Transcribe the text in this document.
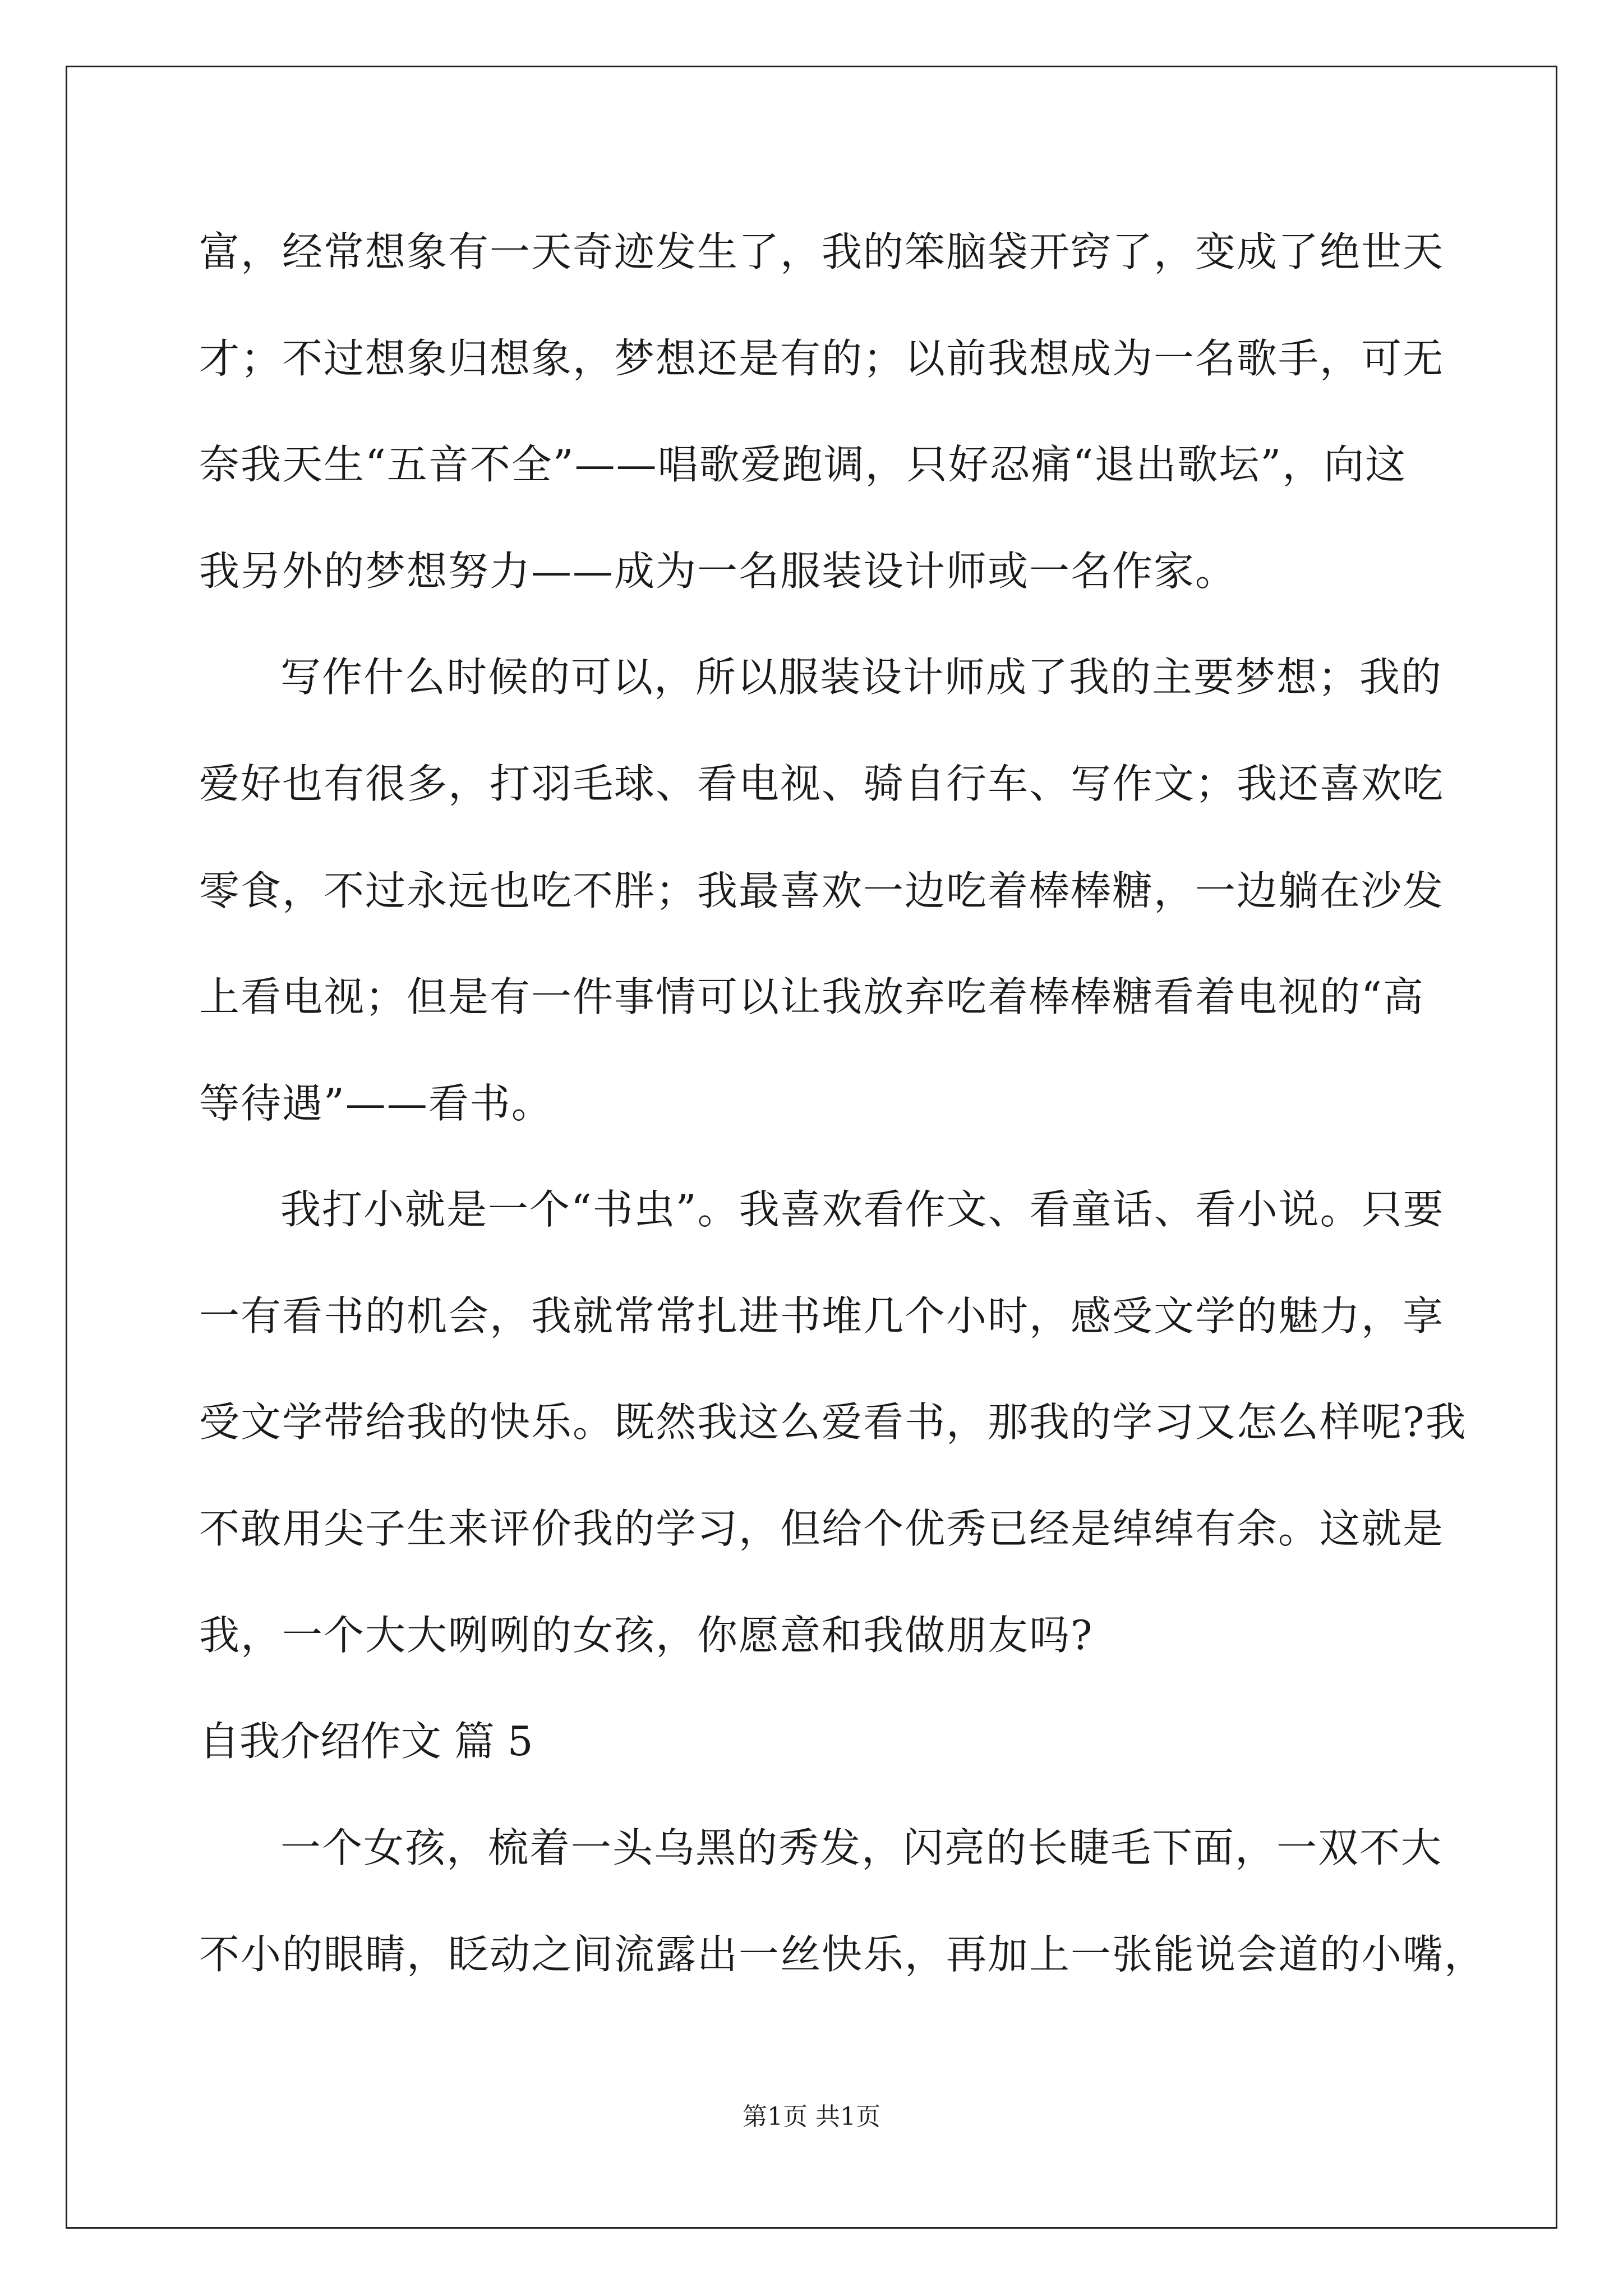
富，经常想象有一天奇迹发生了，我的笨脑袋开窍了，变成了绝世天
才；不过想象归想象，梦想还是有的；以前我想成为一名歌手，可无
奈我天生“五音不全”——唱歌爱跑调，只好忍痛“退出歌坛”，向这
我另外的梦想努力——成为一名服装设计师或一名作家。
写作什么时候的可以，所以服装设计师成了我的主要梦想；我的
爱好也有很多，打羽毛球、看电视、骑自行车、写作文；我还喜欢吃
零食，不过永远也吃不胖；我最喜欢一边吃着棒棒糖，一边躺在沙发
上看电视；但是有一件事情可以让我放弃吃着棒棒糖看着电视的“高
等待遇”——看书。
我打小就是一个“书虫”。我喜欢看作文、看童话、看小说。只要
一有看书的机会，我就常常扎进书堆几个小时，感受文学的魅力，享
受文学带给我的快乐。既然我这么爱看书，那我的学习又怎么样呢?我
不敢用尖子生来评价我的学习，但给个优秀已经是绰绰有余。这就是
我，一个大大咧咧的女孩，你愿意和我做朋友吗?
自我介绍作文 篇 5
一个女孩，梳着一头乌黑的秀发，闪亮的长睫毛下面，一双不大
不小的眼睛，眨动之间流露出一丝快乐，再加上一张能说会道的小嘴，
第1页 共1页
